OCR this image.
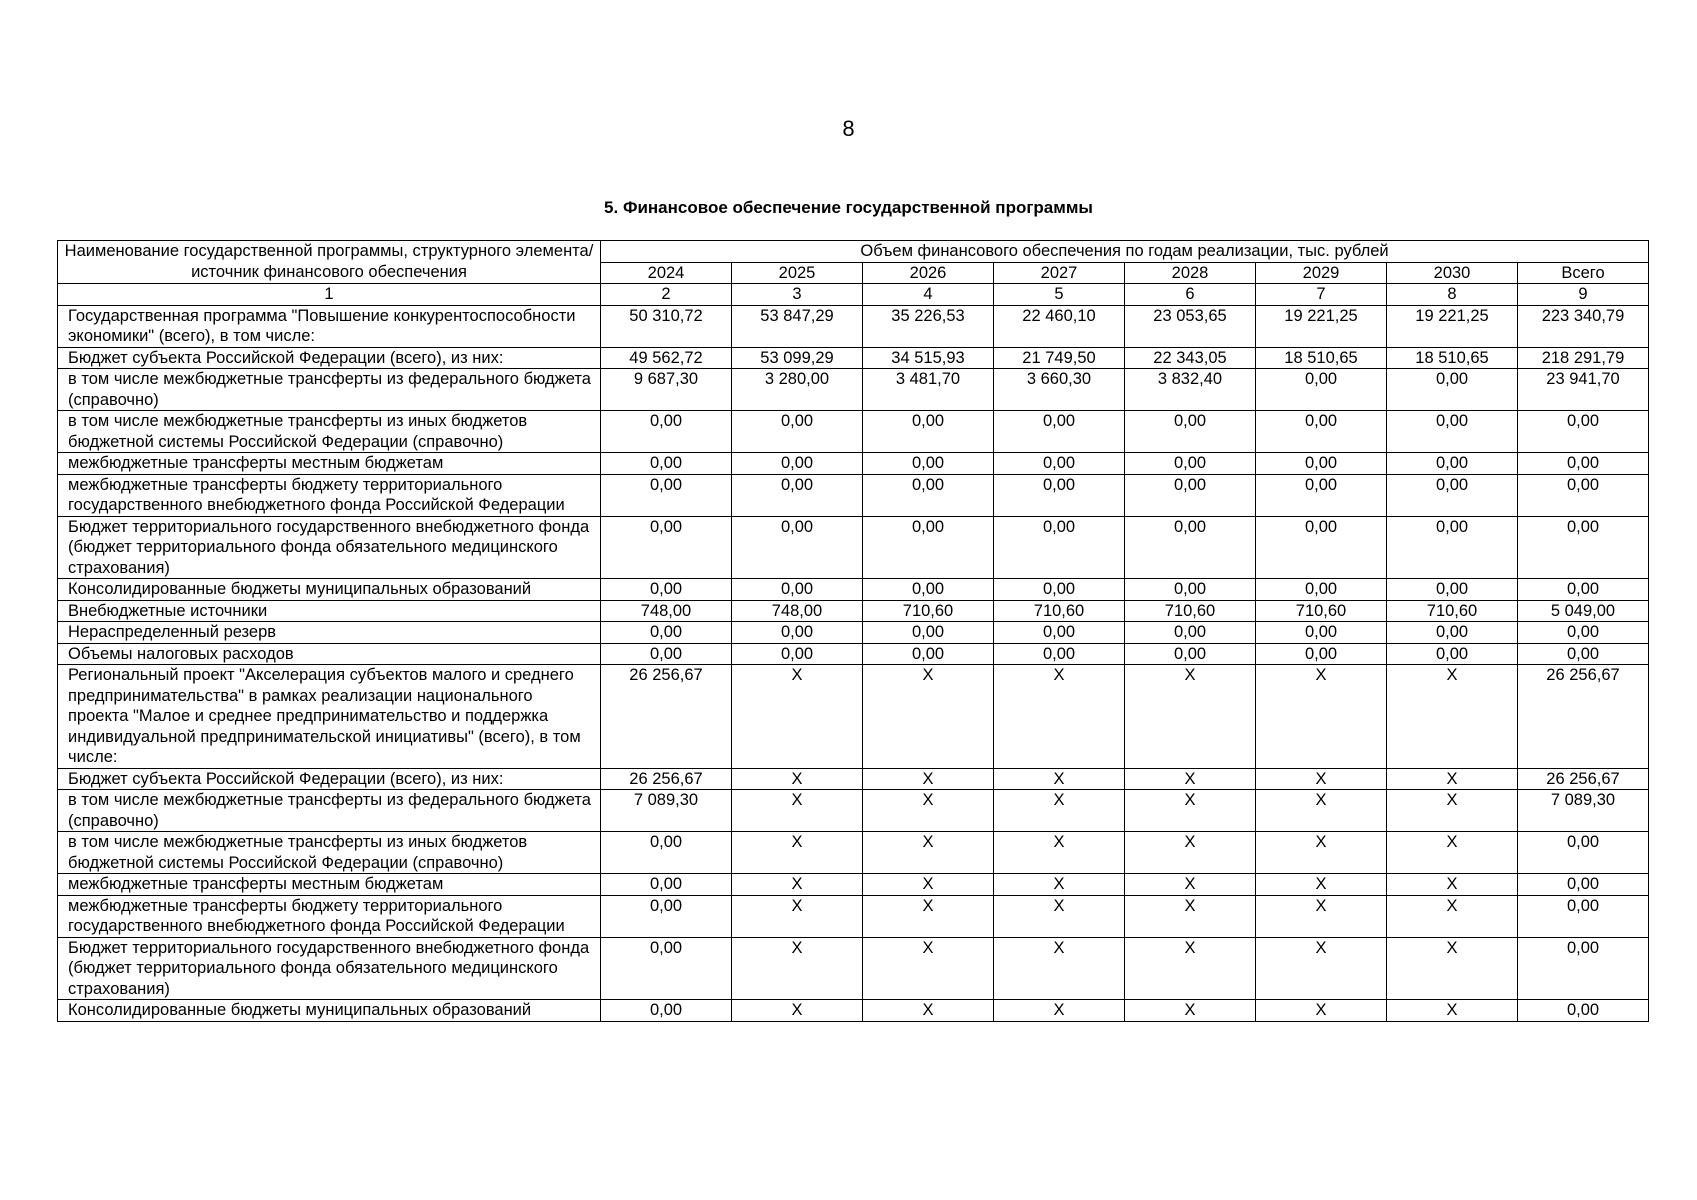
8
5. Финансовое обеспечение государственной программы
Наименование государственной программы, структурного элемента/источник финансового обеспечения	Объем финансового обеспечения по годам реализации, тыс. рублей							
	2024	2025	2026	2027	2028	2029	2030	Всего
1	2	3	4	5	6	7	8	9
Государственная программа "Повышение конкурентоспособности экономики" (всего), в том числе:	50 310,72	53 847,29	35 226,53	22 460,10	23 053,65	19 221,25	19 221,25	223 340,79
Бюджет субъекта Российской Федерации (всего), из них:	49 562,72	53 099,29	34 515,93	21 749,50	22 343,05	18 510,65	18 510,65	218 291,79
в том числе межбюджетные трансферты из федерального бюджета (справочно)	9 687,30	3 280,00	3 481,70	3 660,30	3 832,40	0,00	0,00	23 941,70
в том числе межбюджетные трансферты из иных бюджетов бюджетной системы Российской Федерации (справочно)	0,00	0,00	0,00	0,00	0,00	0,00	0,00	0,00
межбюджетные трансферты местным бюджетам	0,00	0,00	0,00	0,00	0,00	0,00	0,00	0,00
межбюджетные трансферты бюджету территориального государственного внебюджетного фонда Российской Федерации	0,00	0,00	0,00	0,00	0,00	0,00	0,00	0,00
Бюджет территориального государственного внебюджетного фонда (бюджет территориального фонда обязательного медицинского страхования)	0,00	0,00	0,00	0,00	0,00	0,00	0,00	0,00
Консолидированные бюджеты муниципальных образований	0,00	0,00	0,00	0,00	0,00	0,00	0,00	0,00
Внебюджетные источники	748,00	748,00	710,60	710,60	710,60	710,60	710,60	5 049,00
Нераспределенный резерв	0,00	0,00	0,00	0,00	0,00	0,00	0,00	0,00
Объемы налоговых расходов	0,00	0,00	0,00	0,00	0,00	0,00	0,00	0,00
Региональный проект "Акселерация субъектов малого и среднего предпринимательства" в рамках реализации национального проекта "Малое и среднее предпринимательство и поддержка индивидуальной предпринимательской инициативы" (всего), в том числе:	26 256,67	X	X	X	X	X	X	26 256,67
Бюджет субъекта Российской Федерации (всего), из них:	26 256,67	X	X	X	X	X	X	26 256,67
в том числе межбюджетные трансферты из федерального бюджета (справочно)	7 089,30	X	X	X	X	X	X	7 089,30
в том числе межбюджетные трансферты из иных бюджетов бюджетной системы Российской Федерации (справочно)	0,00	X	X	X	X	X	X	0,00
межбюджетные трансферты местным бюджетам	0,00	X	X	X	X	X	X	0,00
межбюджетные трансферты бюджету территориального государственного внебюджетного фонда Российской Федерации	0,00	X	X	X	X	X	X	0,00
Бюджет территориального государственного внебюджетного фонда (бюджет территориального фонда обязательного медицинского страхования)	0,00	X	X	X	X	X	X	0,00
Консолидированные бюджеты муниципальных образований	0,00	X	X	X	X	X	X	0,00
